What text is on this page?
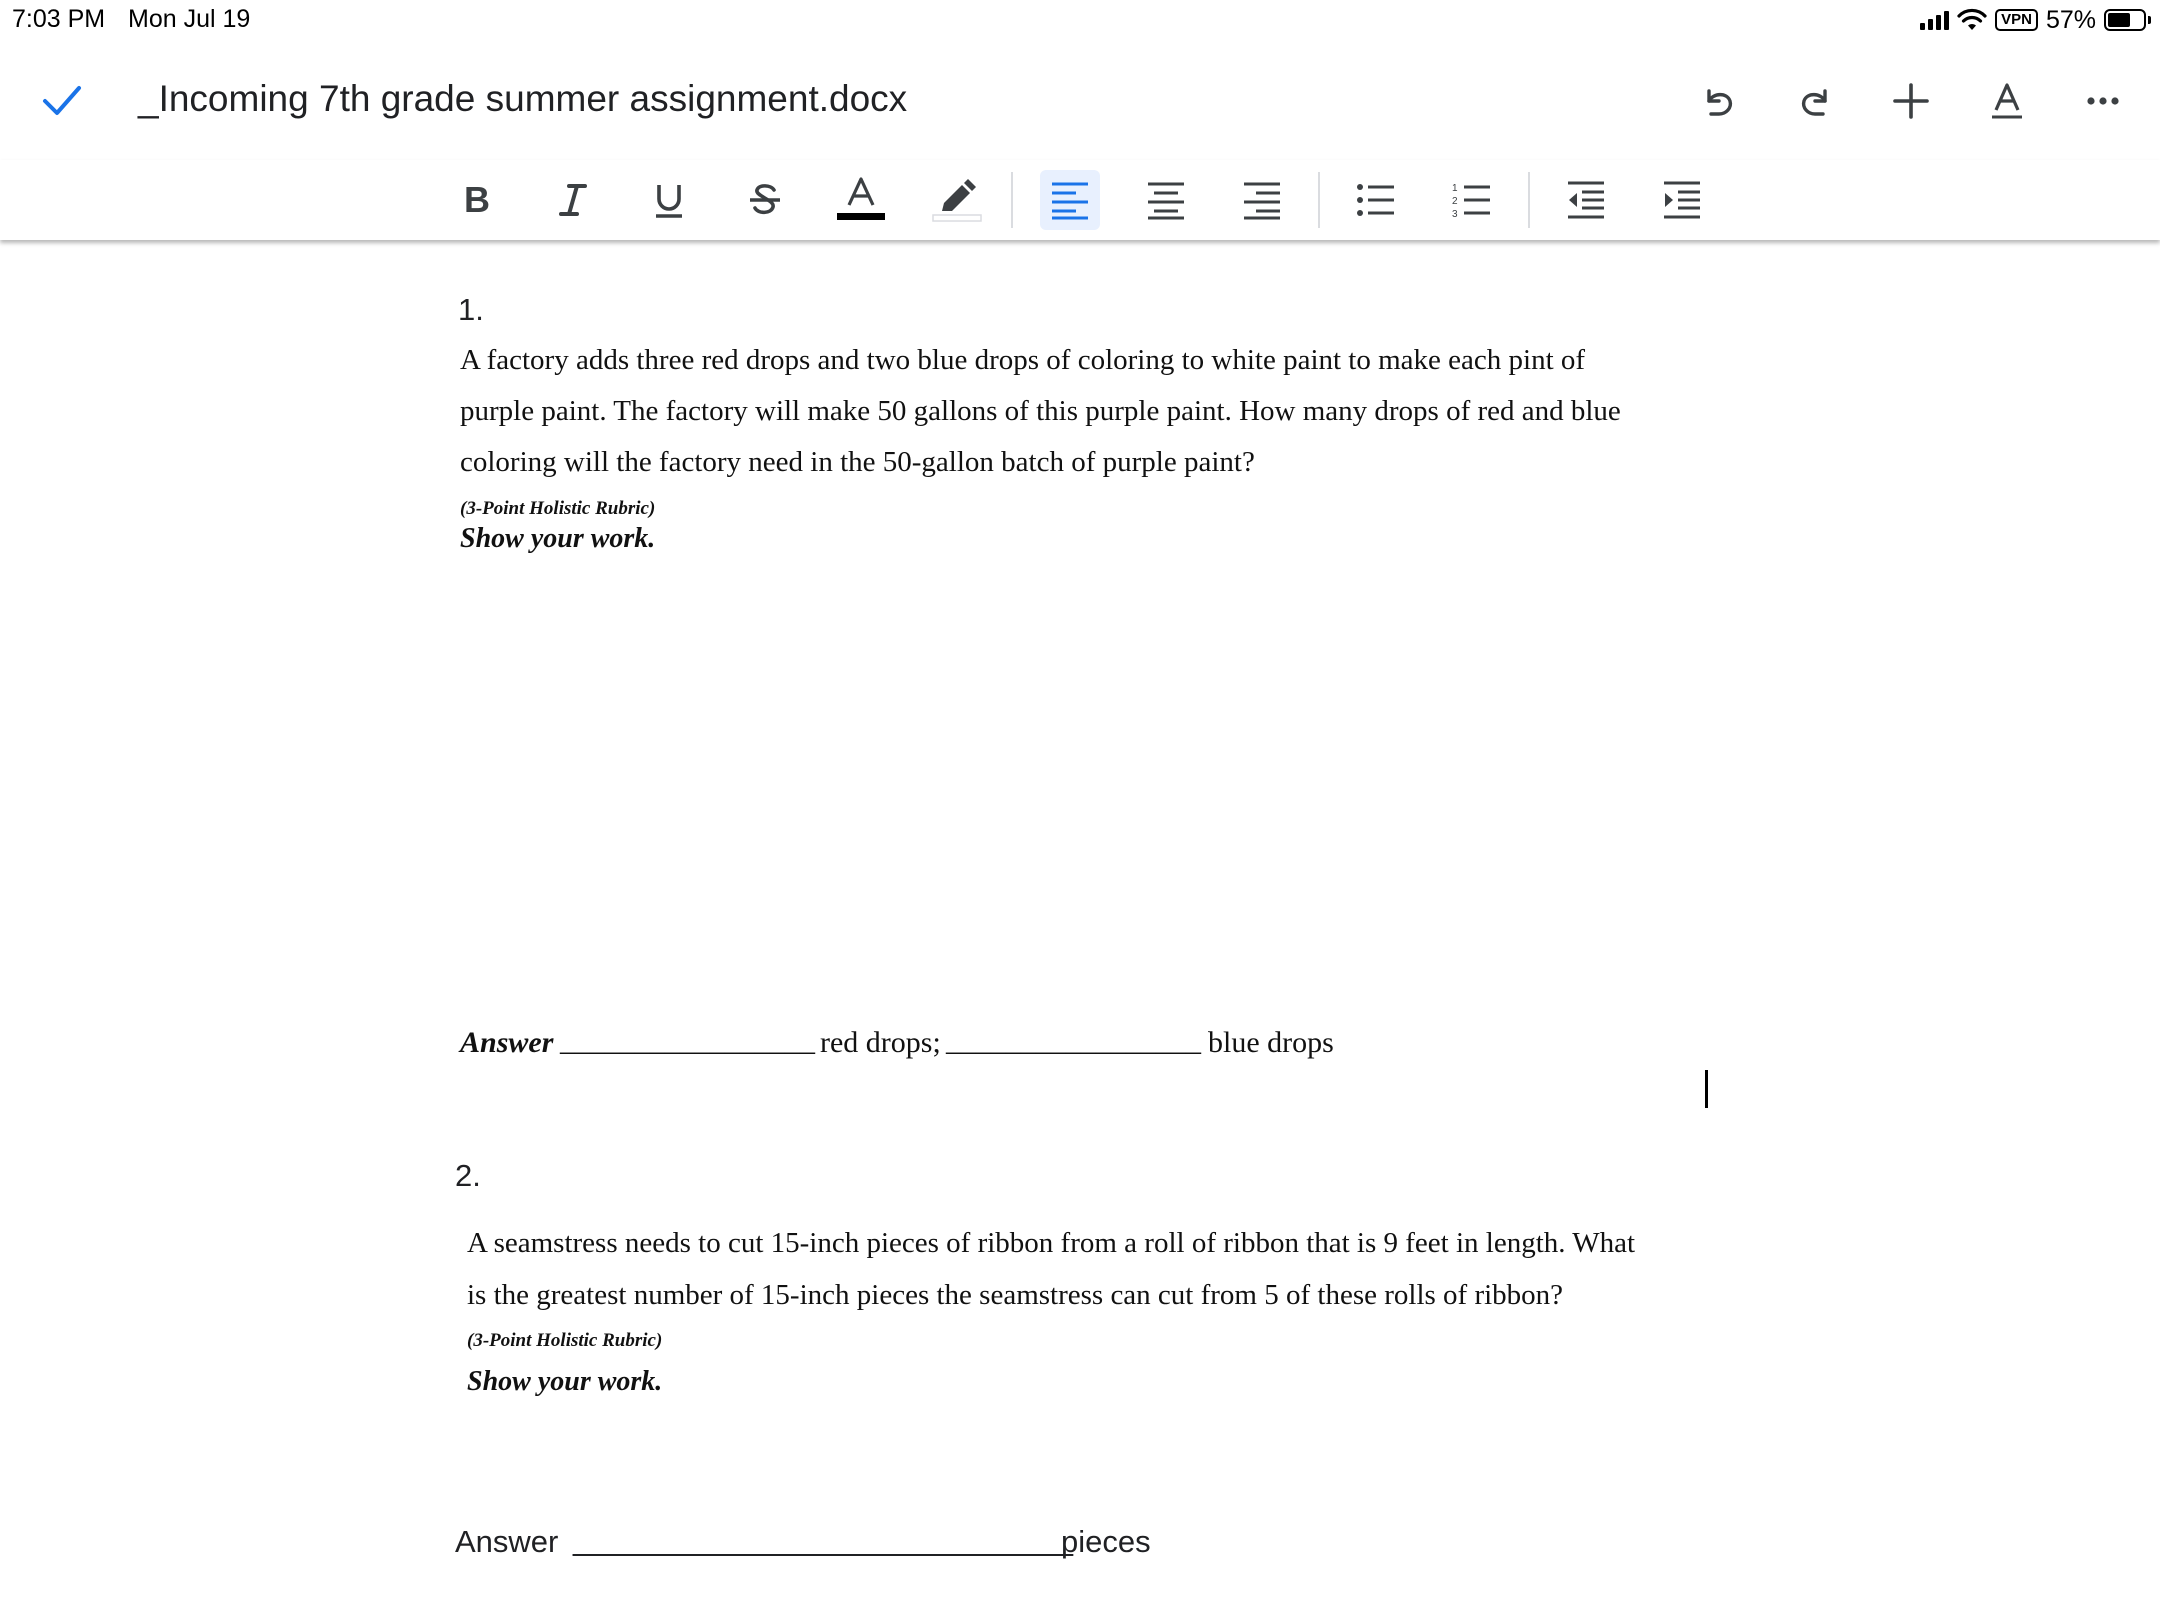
7:03 PM Mon Jul 19	VPN 57%
_Incoming 7th grade summer assignment.docx
B	1
2
3
1.
A factory adds three red drops and two blue drops of coloring to white paint to make each pint of
purple paint. The factory will make 50 gallons of this purple paint. How many drops of red and blue
coloring will the factory need in the 50-gallon batch of purple paint?
(3-Point Holistic Rubric)
Show your work.
Answer _________________ red drops; _________________ blue drops
2.
A seamstress needs to cut 15-inch pieces of ribbon from a roll of ribbon that is 9 feet in length. What
is the greatest number of 15-inch pieces the seamstress can cut from 5 of these rolls of ribbon?
(3-Point Holistic Rubric)
Show your work.
Answer _____________________________
pieces
